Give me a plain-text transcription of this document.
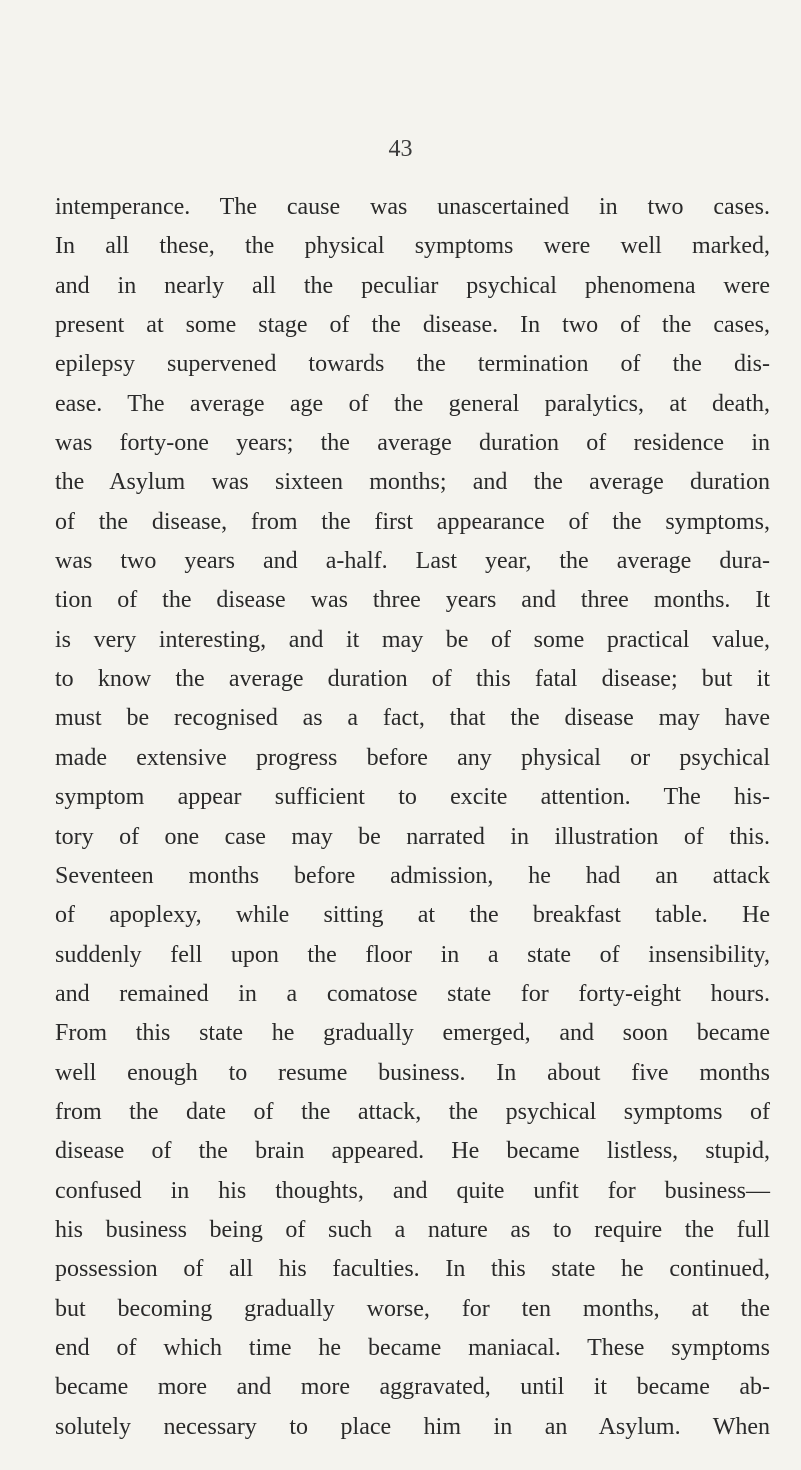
43
intemperance. The cause was unascertained in two cases.
In all these, the physical symptoms were well marked,
and in nearly all the peculiar psychical phenomena were
present at some stage of the disease. In two of the cases,
epilepsy supervened towards the termination of the dis-
ease. The average age of the general paralytics, at death,
was forty-one years; the average duration of residence in
the Asylum was sixteen months; and the average duration
of the disease, from the first appearance of the symptoms,
was two years and a-half. Last year, the average dura-
tion of the disease was three years and three months. It
is very interesting, and it may be of some practical value,
to know the average duration of this fatal disease; but it
must be recognised as a fact, that the disease may have
made extensive progress before any physical or psychical
symptom appear sufficient to excite attention. The his-
tory of one case may be narrated in illustration of this.
Seventeen months before admission, he had an attack
of apoplexy, while sitting at the breakfast table. He
suddenly fell upon the floor in a state of insensibility,
and remained in a comatose state for forty-eight hours.
From this state he gradually emerged, and soon became
well enough to resume business. In about five months
from the date of the attack, the psychical symptoms of
disease of the brain appeared. He became listless, stupid,
confused in his thoughts, and quite unfit for business—
his business being of such a nature as to require the full
possession of all his faculties. In this state he continued,
but becoming gradually worse, for ten months, at the
end of which time he became maniacal. These symptoms
became more and more aggravated, until it became ab-
solutely necessary to place him in an Asylum. When
